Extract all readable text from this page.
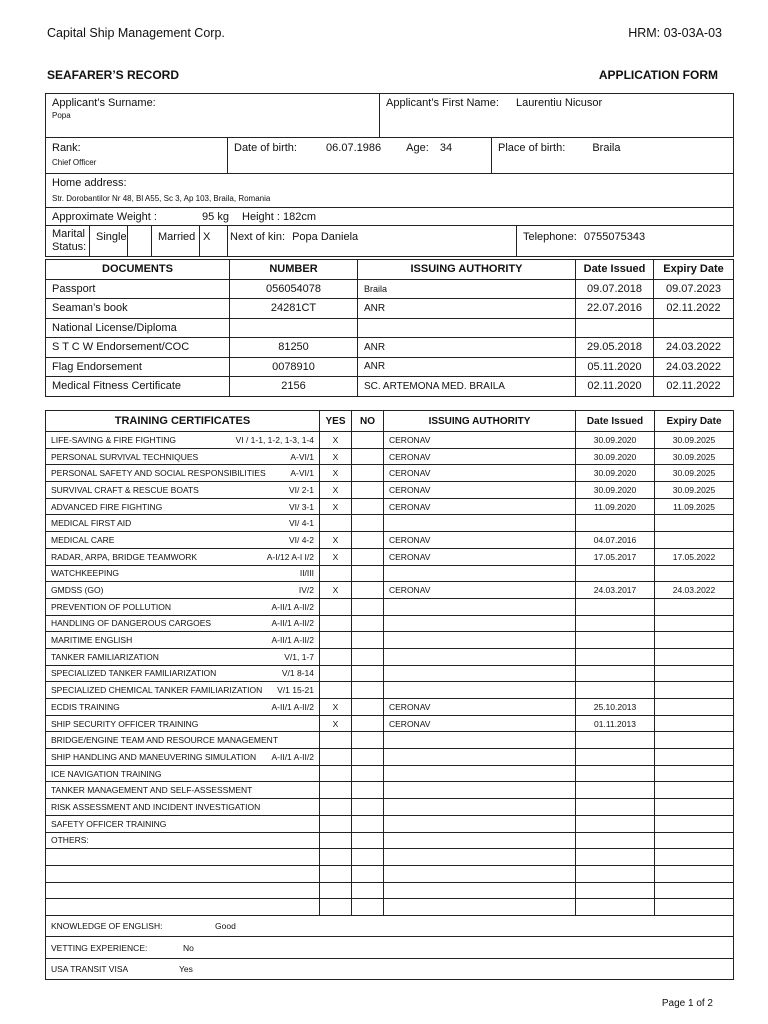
Capital Ship Management Corp.	HRM: 03-03A-03
SEAFARER’S RECORD	APPLICATION FORM
Applicant’s Surname:
Popa						Applicant’s First Name: Laurentiu Nicusor		

Rank:
Chief Officer					Date of birth: 06.07.1986 Age: 34		Place of birth: Braila	

Home address:
Str. Dorobantilor Nr 48, Bl A55, Sc 3, Ap 103, Braila, Romania								

Approximate Weight : 95 kg Height : 182cm								
Marital Status:	Single		Married	X	Next of kin: Popa Daniela			Telephone: 0755075343
DOCUMENTS	NUMBER	ISSUING AUTHORITY	Date Issued	Expiry Date
Passport	056054078	Braila	09.07.2018	09.07.2023
Seaman’s book	24281CT	ANR	22.07.2016	02.11.2022
National License/Diploma				
S T C W Endorsement/COC	81250	ANR	29.05.2018	24.03.2022
Flag Endorsement	0078910	ANR	05.11.2020	24.03.2022
Medical Fitness Certificate	2156	SC. ARTEMONA MED. BRAILA	02.11.2020	02.11.2022
TRAINING CERTIFICATES	YES	NO	ISSUING AUTHORITY	Date Issued	Expiry Date

LIFE-SAVING & FIRE FIGHTING VI / 1-1, 1-2, 1-3, 1-4	X		CERONAV	30.09.2020	30.09.2025

PERSONAL SURVIVAL TECHNIQUES A-VI/1	X		CERONAV	30.09.2020	30.09.2025

PERSONAL SAFETY AND SOCIAL RESPONSIBILITIES A-VI/1	X		CERONAV	30.09.2020	30.09.2025

SURVIVAL CRAFT & RESCUE BOATS VI/ 2-1	X		CERONAV	30.09.2020	30.09.2025

ADVANCED FIRE FIGHTING VI/ 3-1	X		CERONAV	11.09.2020	11.09.2025

MEDICAL FIRST AID VI/ 4-1					

MEDICAL CARE VI/ 4-2	X		CERONAV	04.07.2016	

RADAR, ARPA, BRIDGE TEAMWORK A-I/12 A-I I/2	X		CERONAV	17.05.2017	17.05.2022

WATCHKEEPING II/III					

GMDSS (GO) IV/2	X		CERONAV	24.03.2017	24.03.2022

PREVENTION OF POLLUTION A-II/1 A-II/2					

HANDLING OF DANGEROUS CARGOES A-II/1 A-II/2					

MARITIME ENGLISH A-II/1 A-II/2					

TANKER FAMILIARIZATION V/1, 1-7					

SPECIALIZED TANKER FAMILIARIZATION V/1 8-14					

SPECIALIZED CHEMICAL TANKER FAMILIARIZATION V/1 15-21					

ECDIS TRAINING A-II/1 A-II/2	X		CERONAV	25.10.2013	

SHIP SECURITY OFFICER TRAINING	X		CERONAV	01.11.2013	

BRIDGE/ENGINE TEAM AND RESOURCE MANAGEMENT					

SHIP HANDLING AND MANEUVERING SIMULATION A-II/1 A-II/2					

ICE NAVIGATION TRAINING					

TANKER MANAGEMENT AND SELF-ASSESSMENT					

RISK ASSESSMENT AND INCIDENT INVESTIGATION					

SAFETY OFFICER TRAINING					

OTHERS:					

KNOWLEDGE OF ENGLISH: Good					
VETTING EXPERIENCE: No					
USA TRANSIT VISA Yes					
Page 1 of 2
